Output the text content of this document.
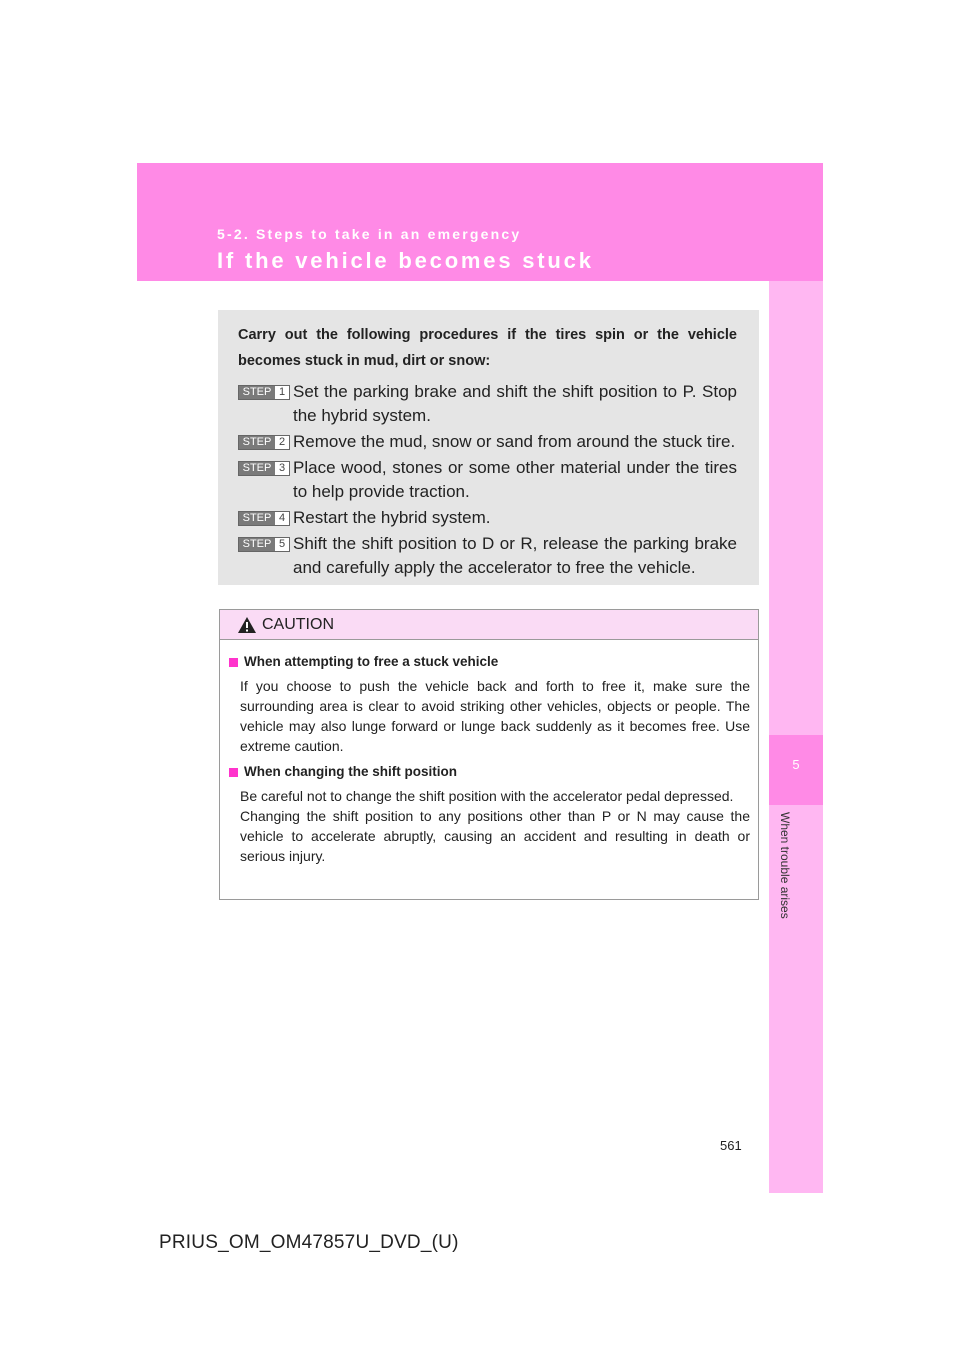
5-2. Steps to take in an emergency
If the vehicle becomes stuck
5
When trouble arises
Carry out the following procedures if the tires spin or the vehicle becomes stuck in mud, dirt or snow:
STEP 1 Set the parking brake and shift the shift position to P. Stop the hybrid system.
STEP 2 Remove the mud, snow or sand from around the stuck tire.
STEP 3 Place wood, stones or some other material under the tires to help provide traction.
STEP 4 Restart the hybrid system.
STEP 5 Shift the shift position to D or R, release the parking brake and carefully apply the accelerator to free the vehicle.
CAUTION
When attempting to free a stuck vehicle
If you choose to push the vehicle back and forth to free it, make sure the surrounding area is clear to avoid striking other vehicles, objects or people. The vehicle may also lunge forward or lunge back suddenly as it becomes free. Use extreme caution.
When changing the shift position
Be careful not to change the shift position with the accelerator pedal depressed.
Changing the shift position to any positions other than P or N may cause the vehicle to accelerate abruptly, causing an accident and resulting in death or serious injury.
561
PRIUS_OM_OM47857U_DVD_(U)
